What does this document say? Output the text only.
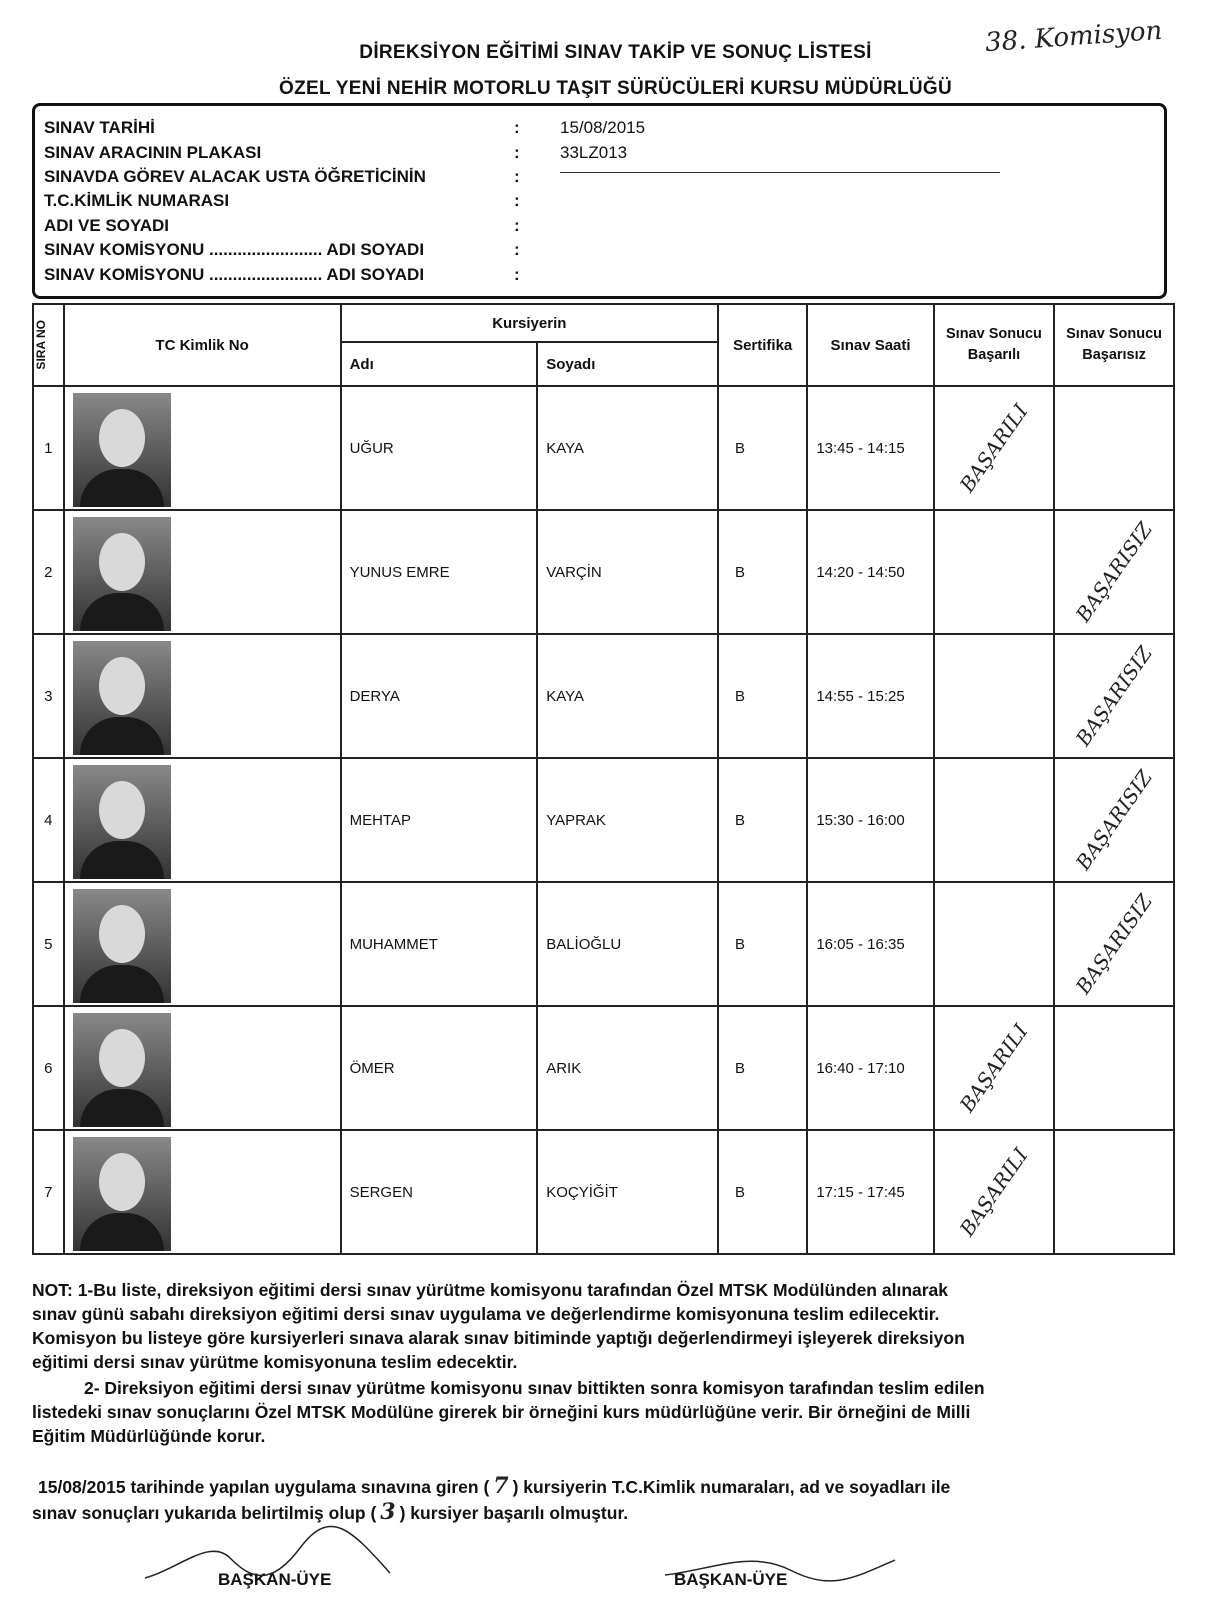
DİREKSİYON EĞİTİMİ SINAV TAKİP VE SONUÇ LİSTESİ
ÖZEL YENİ NEHİR MOTORLU TAŞIT SÜRÜCÜLERİ KURSU MÜDÜRLÜĞÜ
38. Komisyon
SINAV TARİHİ	: 15/08/2015
SINAV ARACININ PLAKASI	: 33LZ013
SINAVDA GÖREV ALACAK USTA ÖĞRETİCİNİN	:
T.C.KİMLİK NUMARASI	:
ADI VE SOYADI	:
SINAV KOMİSYONU ........................ ADI SOYADI	:
SINAV KOMİSYONU ........................ ADI SOYADI	:
SIRA NO	TC Kimlik No	Kursiyerin		Sertifika	Sınav Saati	Sınav Sonucu Başarılı	Sınav Sonucu Başarısız
		Adı	Soyadı				
1		UĞUR	KAYA	B	13:45 - 14:15	BAŞARILI	
2		YUNUS EMRE	VARÇİN	B	14:20 - 14:50		BAŞARISIZ
3		DERYA	KAYA	B	14:55 - 15:25		BAŞARISIZ
4		MEHTAP	YAPRAK	B	15:30 - 16:00		BAŞARISIZ
5		MUHAMMET	BALİOĞLU	B	16:05 - 16:35		BAŞARISIZ
6		ÖMER	ARIK	B	16:40 - 17:10	BAŞARILI	
7		SERGEN	KOÇYİĞİT	B	17:15 - 17:45	BAŞARILI	
NOT: 1-Bu liste, direksiyon eğitimi dersi sınav yürütme komisyonu tarafından Özel MTSK Modülünden alınarak
sınav günü sabahı direksiyon eğitimi dersi sınav uygulama ve değerlendirme komisyonuna teslim edilecektir.
Komisyon bu listeye göre kursiyerleri sınava alarak sınav bitiminde yaptığı değerlendirmeyi işleyerek direksiyon
eğitimi dersi sınav yürütme komisyonuna teslim edecektir.
2- Direksiyon eğitimi dersi sınav yürütme komisyonu sınav bittikten sonra komisyon tarafından teslim edilen
listedeki sınav sonuçlarını Özel MTSK Modülüne girerek bir örneğini kurs müdürlüğüne verir. Bir örneğini de Milli
Eğitim Müdürlüğünde korur.
15/08/2015 tarihinde yapılan uygulama sınavına giren ( 7 ) kursiyerin T.C.Kimlik numaraları, ad ve soyadları ile
sınav sonuçları yukarıda belirtilmiş olup ( 3 ) kursiyer başarılı olmuştur.
BAŞKAN-ÜYE	BAŞKAN-ÜYE
